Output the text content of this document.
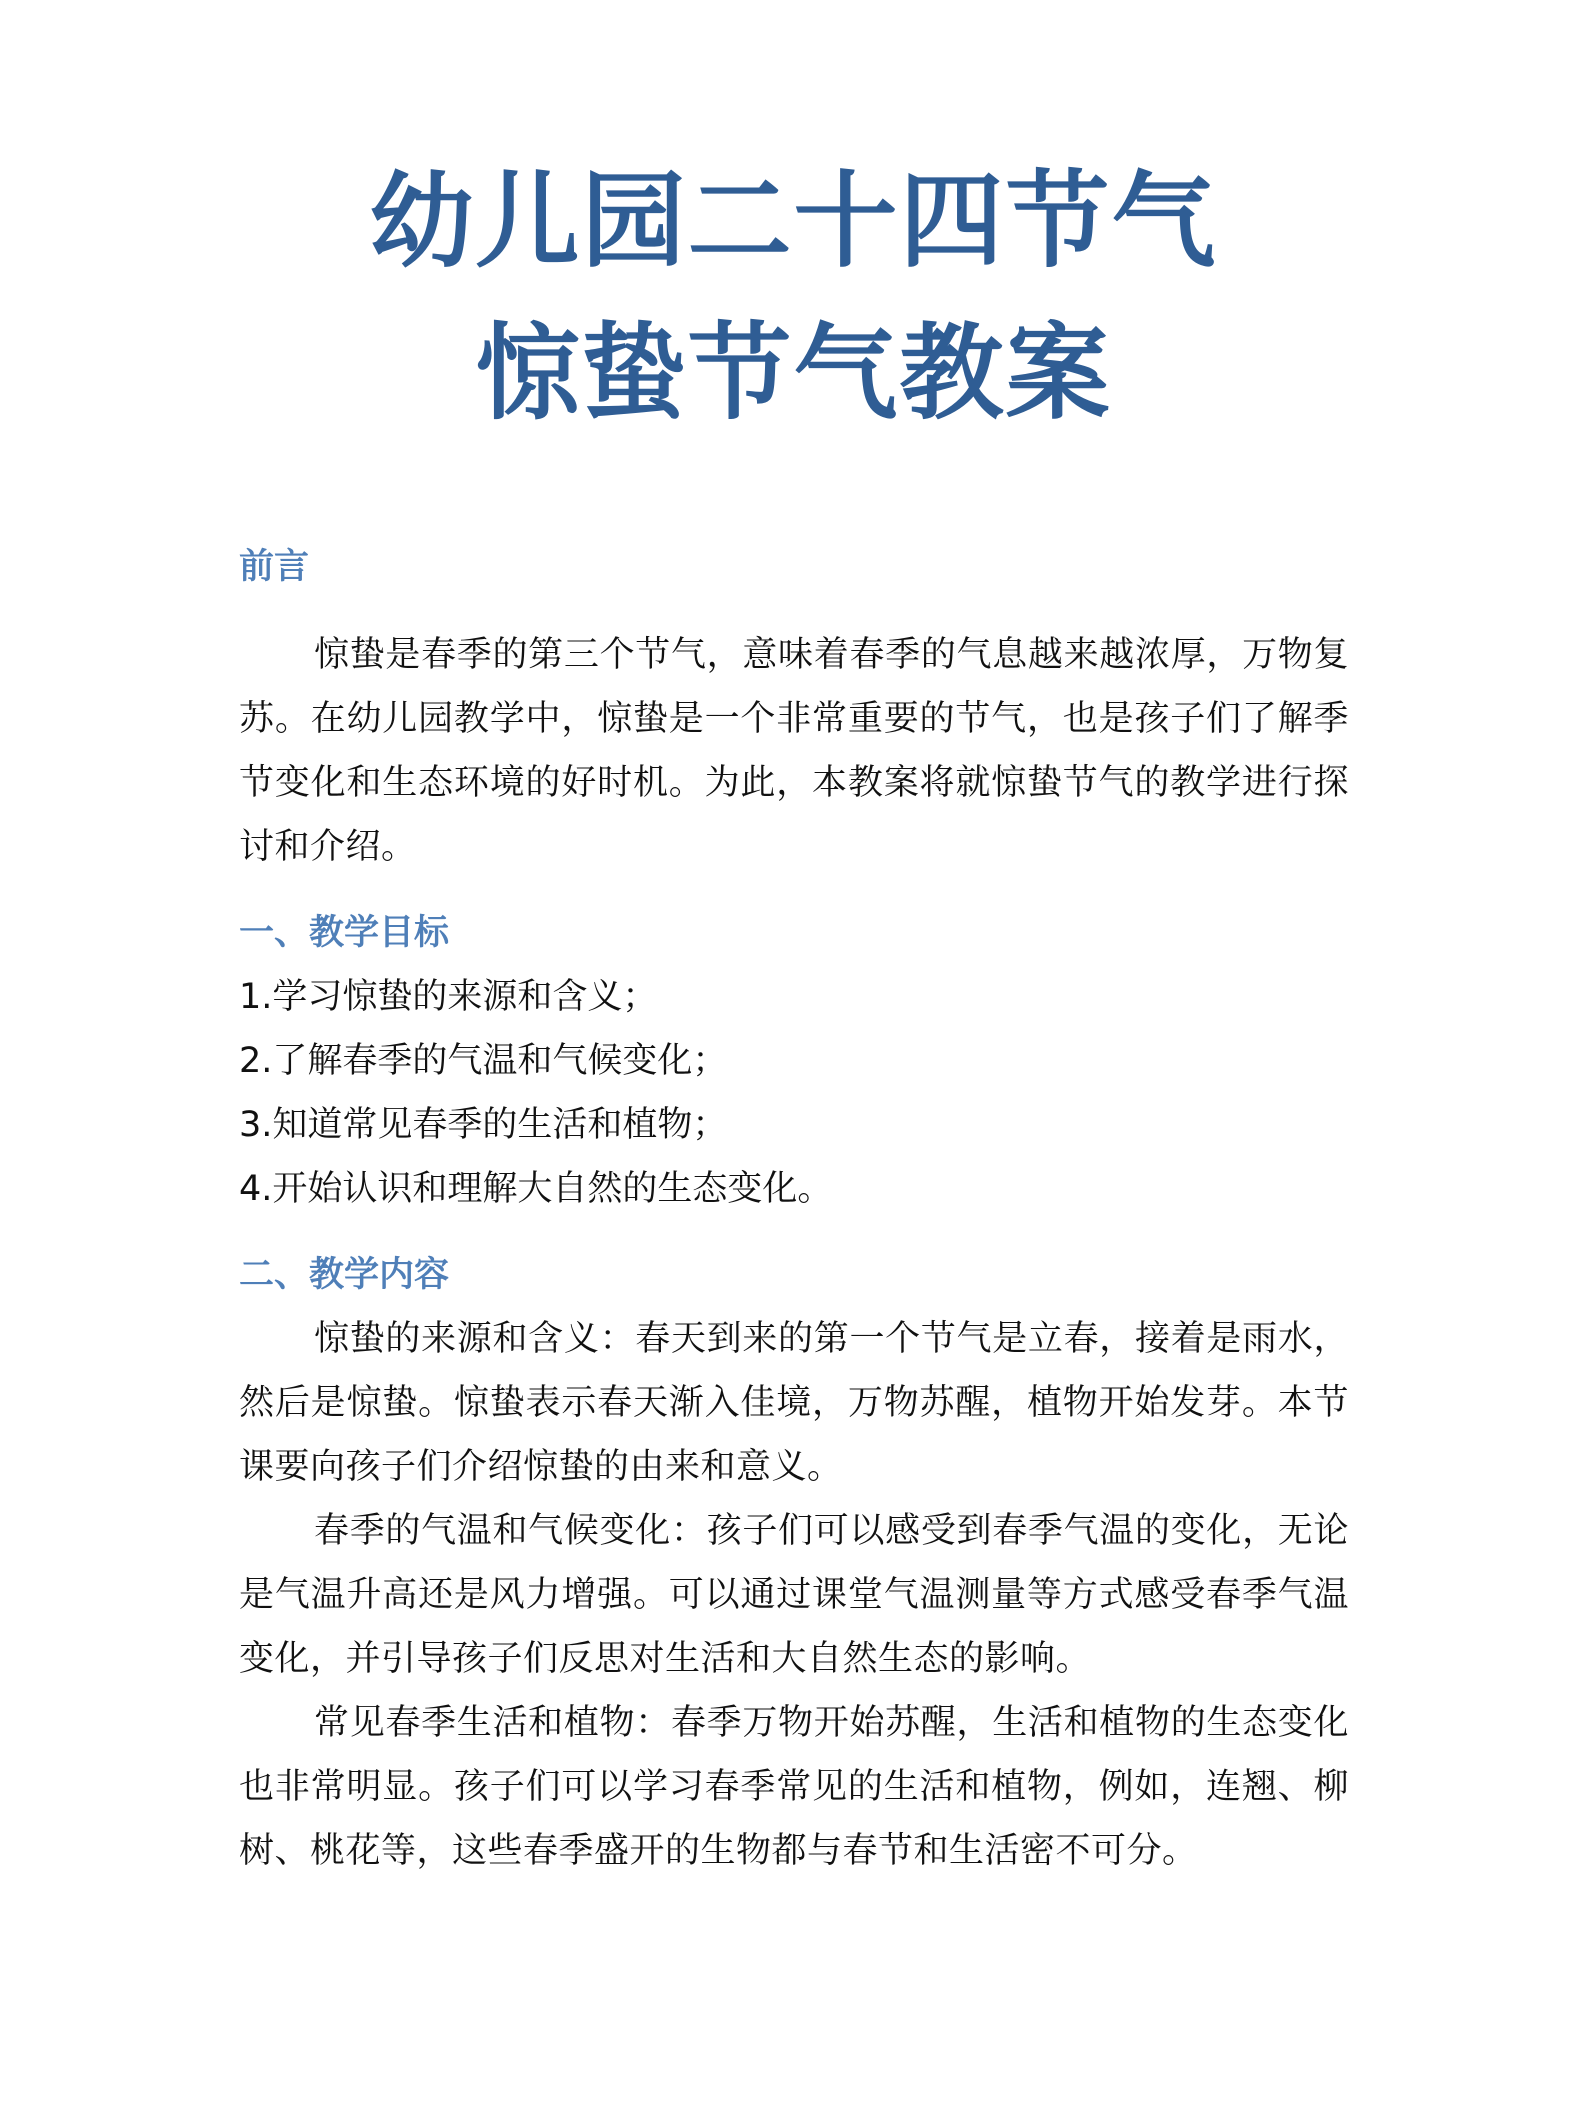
幼儿园二十四节气
惊蛰节气教案
前言

惊蛰是春季的第三个节气，意味着春季的气息越来越浓厚，万物复苏。在幼儿园教学中，惊蛰是一个非常重要的节气，也是孩子们了解季节变化和生态环境的好时机。为此，本教案将就惊蛰节气的教学进行探讨和介绍。

一、教学目标

1.学习惊蛰的来源和含义；

2.了解春季的气温和气候变化；

3.知道常见春季的生活和植物；

4.开始认识和理解大自然的生态变化。

二、教学内容

惊蛰的来源和含义：春天到来的第一个节气是立春，接着是雨水，然后是惊蛰。惊蛰表示春天渐入佳境，万物苏醒，植物开始发芽。本节课要向孩子们介绍惊蛰的由来和意义。

春季的气温和气候变化：孩子们可以感受到春季气温的变化，无论是气温升高还是风力增强。可以通过课堂气温测量等方式感受春季气温变化，并引导孩子们反思对生活和大自然生态的影响。

常见春季生活和植物：春季万物开始苏醒，生活和植物的生态变化也非常明显。孩子们可以学习春季常见的生活和植物，例如，连翘、柳树、桃花等，这些春季盛开的生物都与春节和生活密不可分。
